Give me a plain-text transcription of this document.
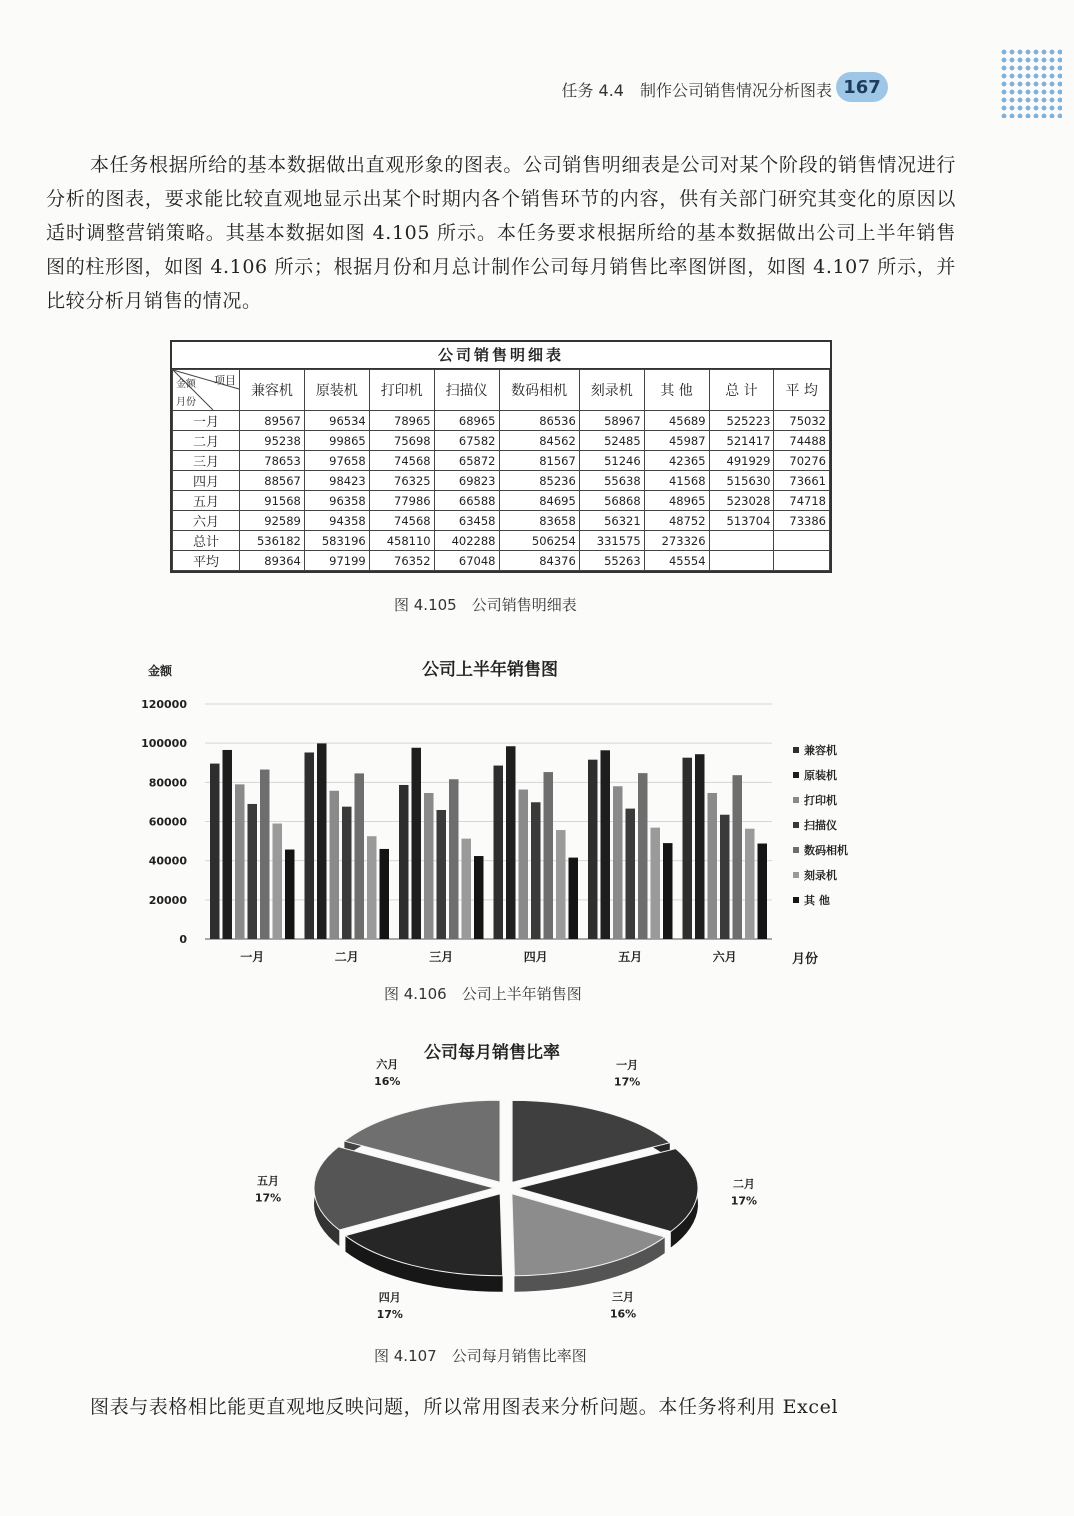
任务 4.4　制作公司销售情况分析图表 167
本任务根据所给的基本数据做出直观形象的图表。公司销售明细表是公司对某个阶段的销售情况进行分析的图表，要求能比较直观地显示出某个时期内各个销售环节的内容，供有关部门研究其变化的原因以适时调整营销策略。其基本数据如图 4.105 所示。本任务要求根据所给的基本数据做出公司上半年销售图的柱形图，如图 4.106 所示；根据月份和月总计制作公司每月销售比率图饼图，如图 4.107 所示，并比较分析月销售的情况。
公司销售明细表
项目
金额
月份	兼容机	原装机	打印机	扫描仪	数码相机	刻录机	其 他	总 计	平 均
一月	89567	96534	78965	68965	86536	58967	45689	525223	75032
二月	95238	99865	75698	67582	84562	52485	45987	521417	74488
三月	78653	97658	74568	65872	81567	51246	42365	491929	70276
四月	88567	98423	76325	69823	85236	55638	41568	515630	73661
五月	91568	96358	77986	66588	84695	56868	48965	523028	74718
六月	92589	94358	74568	63458	83658	56321	48752	513704	73386
总计	536182	583196	458110	402288	506254	331575	273326		
平均	89364	97199	76352	67048	84376	55263	45554		
图 4.105　公司销售明细表
公司上半年销售图
金额
0
20000
40000
60000
80000
100000
120000
一月	二月	三月	四月	五月	六月	月份
兼容机
原装机
打印机
扫描仪
数码相机
刻录机
其 他
图 4.106　公司上半年销售图
公司每月销售比率
一月
17%
二月
17%
三月
16%
四月
17%
五月
17%
六月
16%
图 4.107　公司每月销售比率图
图表与表格相比能更直观地反映问题，所以常用图表来分析问题。本任务将利用 Excel
